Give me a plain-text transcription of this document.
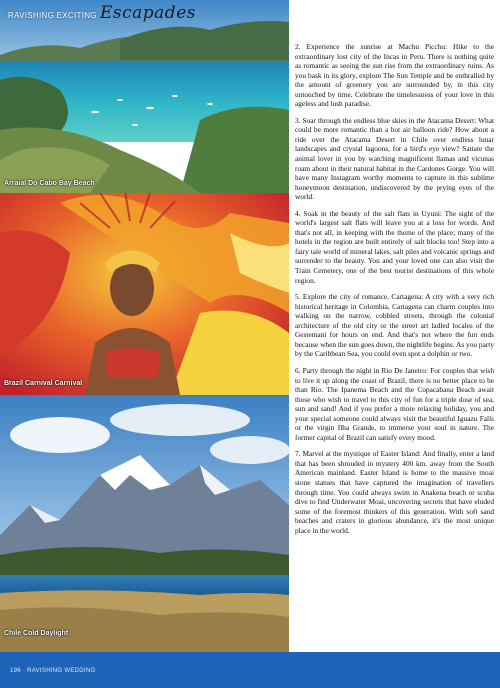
RAVISHING EXCITING Escapades
Arraial Do Cabo Bay Beach
Brazil Carnival Carnival
Chile Cold Daylight

2. Experience the sunrise at Machu Picchu: Hike to the extraordinary lost city of the Incas in Peru. There is nothing quite as romantic as seeing the sun rise from the extraordinary ruins. As you bask in its glory, explore The Sun Temple and be enthralled by the amount of greenery you are surrounded by, in this city untouched by time. Celebrate the timelessness of your love in this ageless and lush paradise.

3. Soar through the endless blue skies in the Atacama Desert: What could be more romantic than a hot air balloon ride? How about a ride over the Atacama Desert in Chile over endless lunar landscapes and crystal lagoons, for a bird's eye view? Satiate the animal lover in you by watching magnificent llamas and vicunas roam about in their natural habitat in the Cardones Gorge. You will have many Instagram worthy moments to capture in this sublime honeymoon destination, undiscovered by the prying eyes of the world.

4. Soak in the beauty of the salt flats in Uyuni: The sight of the world's largest salt flats will leave you at a loss for words. And that's not all, in keeping with the theme of the place; many of the hotels in the region are built entirely of salt blocks too! Step into a fairy tale world of mineral lakes, salt piles and volcanic springs and surrender to the beauty. You and your loved one can also visit the Train Cemetery, one of the best tourist destinations of this whole region.

5. Explore the city of romance, Cartagena: A city with a very rich historical heritage in Colombia, Cartagena can charm couples into walking on the narrow, cobbled streets, through the colonial architecture of the old city or the street art ladled locales of the Gestemani for hours on end. And that's not where the fun ends because when the sun goes down, the nightlife begins. As you party by the Caribbean Sea, you could even spot a dolphin or two.

6. Party through the night in Rio De Janeiro: For couples that wish to live it up along the coast of Brazil, there is no better place to be than Rio. The Ipanema Beach and the Copacabana Beach await those who wish to travel to this city of fun for a triple dose of sea, sun and sand! And if you prefer a more relaxing holiday, you and your special someone could always visit the beautiful Iguazu Falls or the virgin Ilha Grande, to immerse your soul in nature. The former capital of Brazil can satisfy every mood.

7. Marvel at the mystique of Easter Island: And finally, enter a land that has been shrouded in mystery 400 km. away from the South American mainland. Easter Island is home to the massive moai stone statues that have captured the imagination of travellers through time. You could always swim in Anakena beach or scuba dive to find Underwater Moai, uncovering secrets that have eluded some of the foremost thinkers of this generation. With soft sand beaches and craters in glorious abundance, it's the most unique place in the world.

196 · RAVISHING WEDDING
